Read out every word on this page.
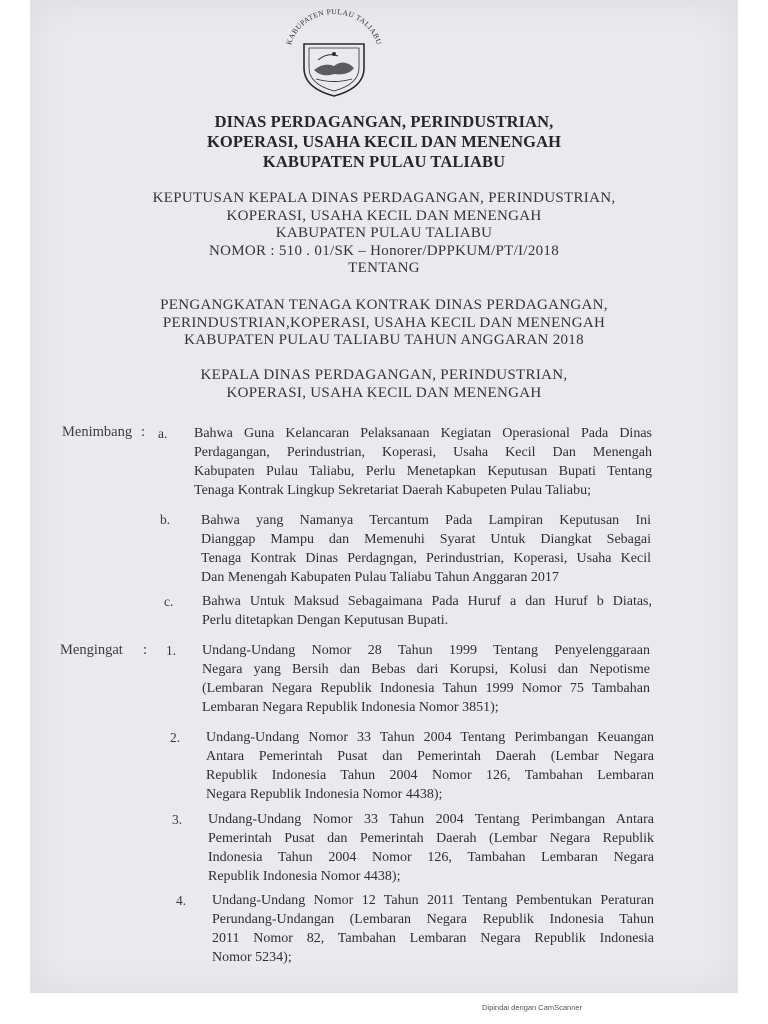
KABUPATEN PULAU TALIABU
DINAS PERDAGANGAN, PERINDUSTRIAN,
KOPERASI, USAHA KECIL DAN MENENGAH
KABUPATEN PULAU TALIABU
KEPUTUSAN KEPALA DINAS PERDAGANGAN, PERINDUSTRIAN,
KOPERASI, USAHA KECIL DAN MENENGAH
KABUPATEN PULAU TALIABU
NOMOR : 510 . 01/SK – Honorer/DPPKUM/PT/I/2018
TENTANG
PENGANGKATAN TENAGA KONTRAK DINAS PERDAGANGAN,
PERINDUSTRIAN,KOPERASI, USAHA KECIL DAN MENENGAH
KABUPATEN PULAU TALIABU TAHUN ANGGARAN 2018
KEPALA DINAS PERDAGANGAN, PERINDUSTRIAN,
KOPERASI, USAHA KECIL DAN MENENGAH
Menimbang : a. Bahwa Guna Kelancaran Pelaksanaan Kegiatan Operasional Pada Dinas
Perdagangan, Perindustrian, Koperasi, Usaha Kecil Dan Menengah
Kabupaten Pulau Taliabu, Perlu Menetapkan Keputusan Bupati Tentang
Tenaga Kontrak Lingkup Sekretariat Daerah Kabupeten Pulau Taliabu;
b. Bahwa yang Namanya Tercantum Pada Lampiran Keputusan Ini
Dianggap Mampu dan Memenuhi Syarat Untuk Diangkat Sebagai
Tenaga Kontrak Dinas Perdagngan, Perindustrian, Koperasi, Usaha Kecil
Dan Menengah Kabupaten Pulau Taliabu Tahun Anggaran 2017
c. Bahwa Untuk Maksud Sebagaimana Pada Huruf a dan Huruf b Diatas,
Perlu ditetapkan Dengan Keputusan Bupati.
Mengingat : 1. Undang-Undang Nomor 28 Tahun 1999 Tentang Penyelenggaraan
Negara yang Bersih dan Bebas dari Korupsi, Kolusi dan Nepotisme
(Lembaran Negara Republik Indonesia Tahun 1999 Nomor 75 Tambahan
Lembaran Negara Republik Indonesia Nomor 3851);
2. Undang-Undang Nomor 33 Tahun 2004 Tentang Perimbangan Keuangan
Antara Pemerintah Pusat dan Pemerintah Daerah (Lembar Negara
Republik Indonesia Tahun 2004 Nomor 126, Tambahan Lembaran
Negara Republik Indonesia Nomor 4438);
3. Undang-Undang Nomor 33 Tahun 2004 Tentang Perimbangan Antara
Pemerintah Pusat dan Pemerintah Daerah (Lembar Negara Republik
Indonesia Tahun 2004 Nomor 126, Tambahan Lembaran Negara
Republik Indonesia Nomor 4438);
4. Undang-Undang Nomor 12 Tahun 2011 Tentang Pembentukan Peraturan
Perundang-Undangan (Lembaran Negara Republik Indonesia Tahun
2011 Nomor 82, Tambahan Lembaran Negara Republik Indonesia
Nomor 5234);
Dipindai dengan CamScanner
